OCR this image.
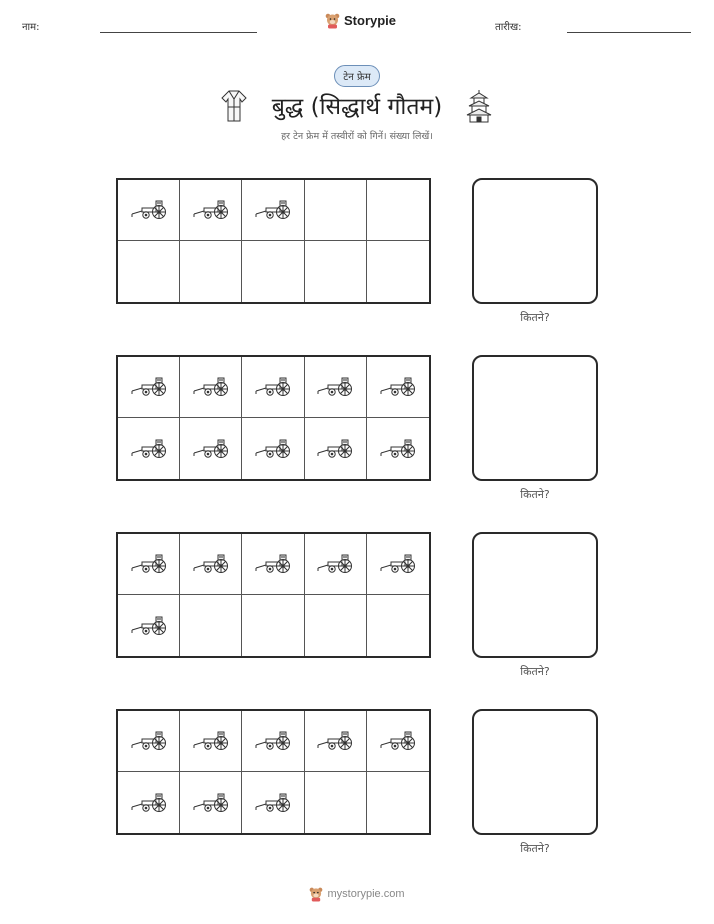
नाम:	Storypie	तारीख:
टेन फ्रेम
बुद्ध (सिद्धार्थ गौतम)
हर टेन फ्रेम में तस्वीरों को गिनें। संख्या लिखें।
कितने?
कितने?
कितने?
कितने?
mystorypie.com
